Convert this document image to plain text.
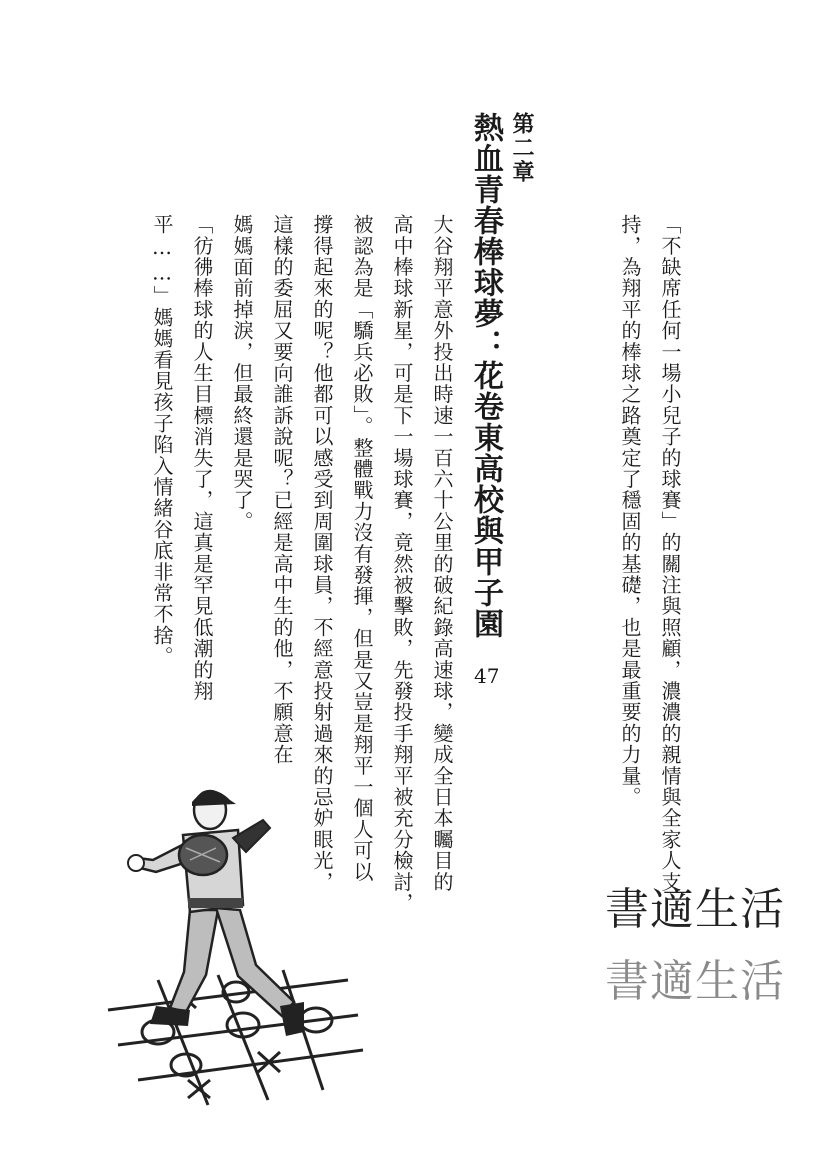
「不缺席任何一場小兒子的球賽」的關注與照顧，濃濃的親情與全家人支
持，為翔平的棒球之路奠定了穩固的基礎，也是最重要的力量。
第二章
熱血青春棒球夢：花卷東高校與甲子園
47
大谷翔平意外投出時速一百六十公里的破紀錄高速球，變成全日本矚目的
高中棒球新星，可是下一場球賽，竟然被擊敗，先發投手翔平被充分檢討，
被認為是「驕兵必敗」。整體戰力沒有發揮，但是又豈是翔平一個人可以
撐得起來的呢？他都可以感受到周圍球員，不經意投射過來的忌妒眼光，
這樣的委屈又要向誰訴說呢？已經是高中生的他，不願意在
媽媽面前掉淚，但最終還是哭了。
「彷彿棒球的人生目標消失了，這真是罕見低潮的翔
平……」媽媽看見孩子陷入情緒谷底非常不捨。
書適生活
書適生活
